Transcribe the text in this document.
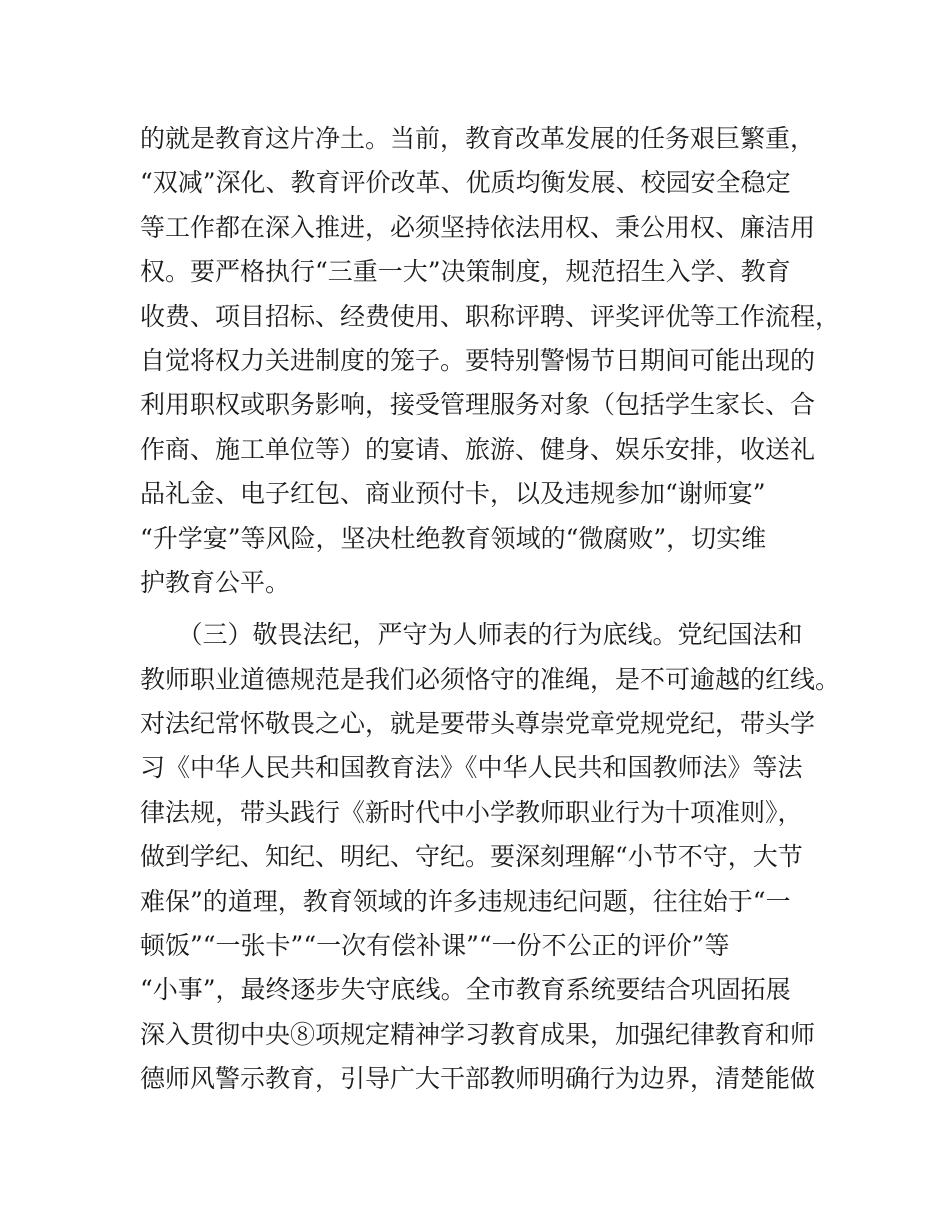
的就是教育这片净土。当前，教育改革发展的任务艰巨繁重，
“双减”深化、教育评价改革、优质均衡发展、校园安全稳定
等工作都在深入推进，必须坚持依法用权、秉公用权、廉洁用
权。要严格执行“三重一大”决策制度，规范招生入学、教育
收费、项目招标、经费使用、职称评聘、评奖评优等工作流程，
自觉将权力关进制度的笼子。要特别警惕节日期间可能出现的
利用职权或职务影响，接受管理服务对象（包括学生家长、合
作商、施工单位等）的宴请、旅游、健身、娱乐安排，收送礼
品礼金、电子红包、商业预付卡，以及违规参加“谢师宴”
“升学宴”等风险，坚决杜绝教育领域的“微腐败”，切实维
护教育公平。
　　（三）敬畏法纪，严守为人师表的行为底线。党纪国法和
教师职业道德规范是我们必须恪守的准绳，是不可逾越的红线。
对法纪常怀敬畏之心，就是要带头尊崇党章党规党纪，带头学
习《中华人民共和国教育法》《中华人民共和国教师法》等法
律法规，带头践行《新时代中小学教师职业行为十项准则》，
做到学纪、知纪、明纪、守纪。要深刻理解“小节不守，大节
难保”的道理，教育领域的许多违规违纪问题，往往始于“一
顿饭”“一张卡”“一次有偿补课”“一份不公正的评价”等
“小事”，最终逐步失守底线。全市教育系统要结合巩固拓展
深入贯彻中央⑧项规定精神学习教育成果，加强纪律教育和师
德师风警示教育，引导广大干部教师明确行为边界，清楚能做
